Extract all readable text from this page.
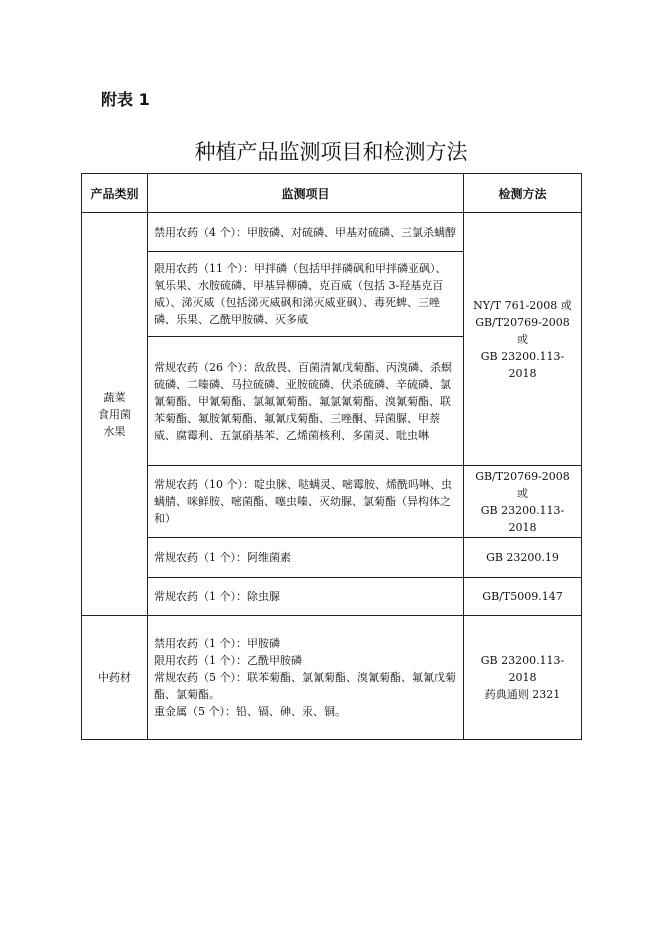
附表 1
种植产品监测项目和检测方法
产品类别	监测项目	检测方法

蔬菜
食用菌
水果	禁用农药（4 个）：甲胺磷、对硫磷、甲基对硫磷、三氯杀螨醇	NY/T 761-2008 或
GB/T20769-2008 或
GB 23200.113-2018

	限用农药（11 个）：甲拌磷（包括甲拌磷砜和甲拌磷亚砜）、氧乐果、水胺硫磷、甲基异柳磷、克百威（包括 3-羟基克百威）、涕灭威（包括涕灭威砜和涕灭威亚砜）、毒死蜱、三唑磷、乐果、乙酰甲胺磷、灭多威	
	常规农药（26 个）：敌敌畏、百菌清氰戊菊酯、丙溴磷、杀螟硫磷、二嗪磷、马拉硫磷、亚胺硫磷、伏杀硫磷、辛硫磷、氯氰菊酯、甲氰菊酯、氯氟氰菊酯、氟氯氰菊酯、溴氰菊酯、联苯菊酯、氟胺氰菊酯、氟氰戊菊酯、三唑酮、异菌脲、甲萘威、腐霉利、五氯硝基苯、乙烯菌核利、多菌灵、吡虫啉	
	常规农药（10 个）：啶虫脒、哒螨灵、嘧霉胺、烯酰吗啉、虫螨腈、咪鲜胺、嘧菌酯、噻虫嗪、灭幼脲、氯菊酯（异构体之和）	GB/T20769-2008 或
GB 23200.113-2018

	常规农药（1 个）：阿维菌素	GB 23200.19

	常规农药（1 个）：除虫脲	GB/T5009.147

中药材	禁用农药（1 个）：甲胺磷
限用农药（1 个）：乙酰甲胺磷
常规农药（5 个）：联苯菊酯、氯氰菊酯、溴氰菊酯、氟氰戊菊酯、氯菊酯。
重金属（5 个）：铅、镉、砷、汞、铜。	GB 23200.113-2018
药典通则 2321
